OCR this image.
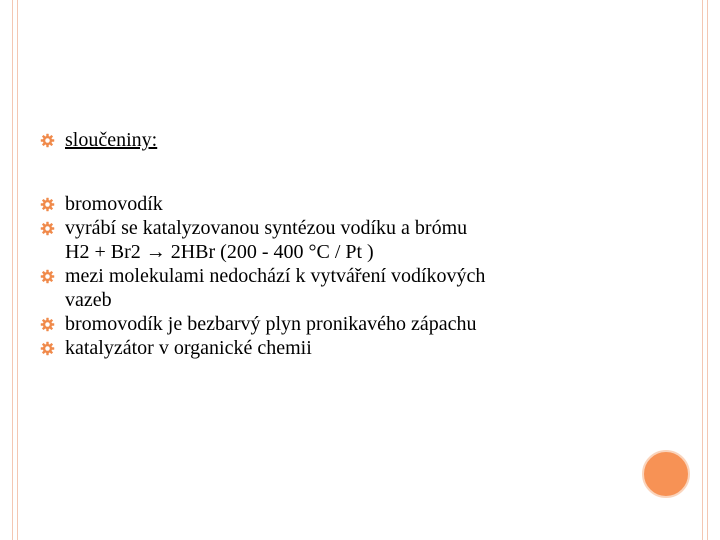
sloučeniny:
bromovodík
vyrábí se katalyzovanou syntézou vodíku a brómu
H2 + Br2 → 2HBr (200 - 400 °C / Pt )
mezi molekulami nedochází k vytváření vodíkových
vazeb
bromovodík je bezbarvý plyn pronikavého zápachu
katalyzátor v organické chemii
